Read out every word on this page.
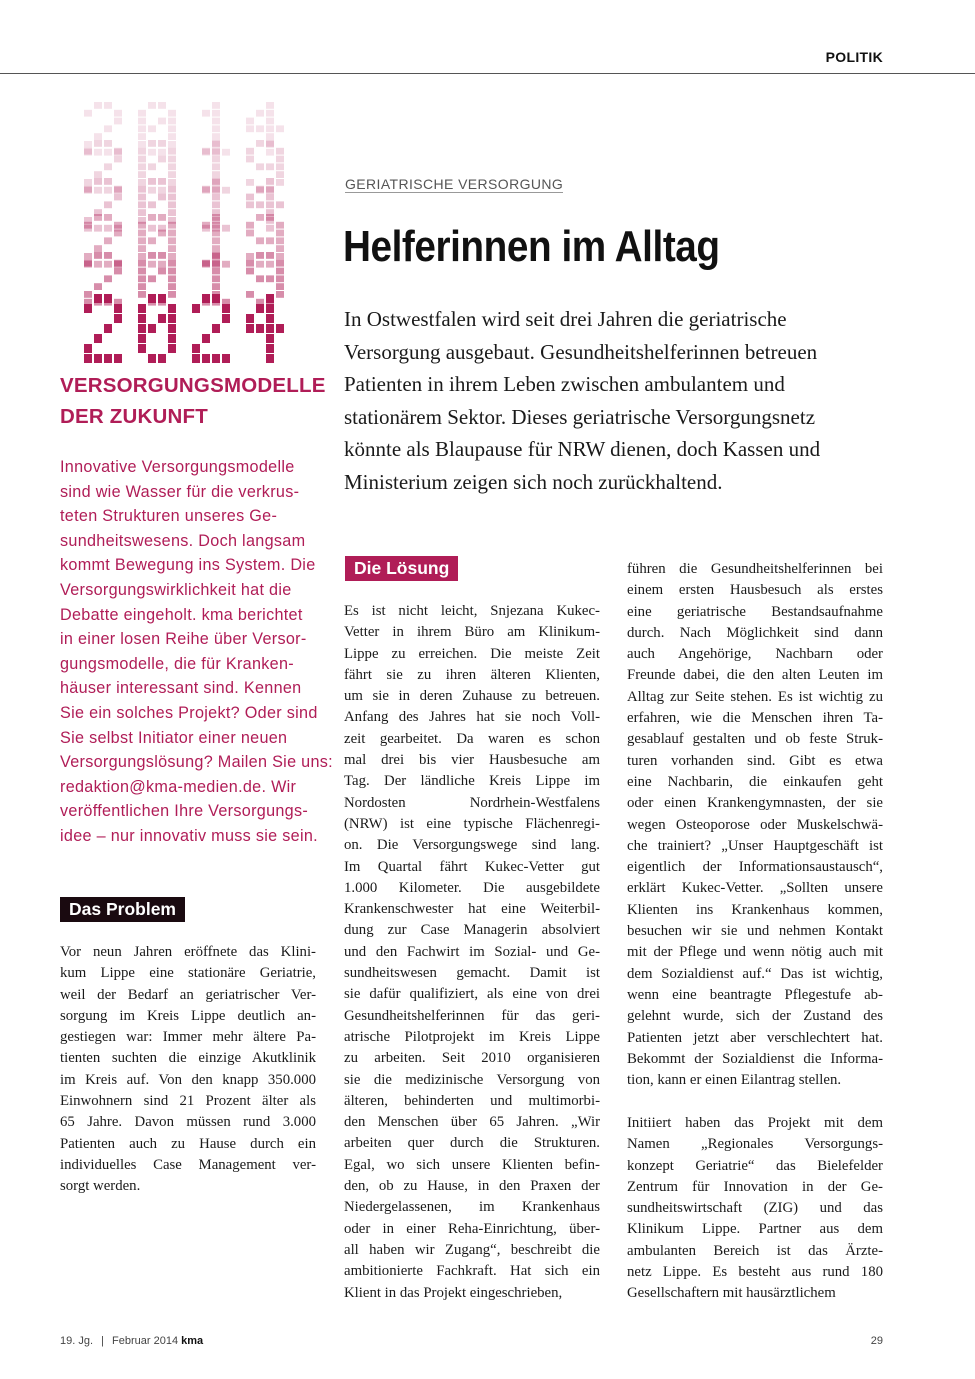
POLITIK
VERSORGUNGSMODELLE
DER ZUKUNFT
Innovative Versorgungsmodelle
sind wie Wasser für die verkrus-
teten Strukturen unseres Ge-
sundheitswesens. Doch langsam
kommt Bewegung ins System. Die
Versorgungswirklichkeit hat die
Debatte eingeholt. kma berichtet
in einer losen Reihe über Versor-
gungsmodelle, die für Kranken-
häuser interessant sind. Kennen
Sie ein solches Projekt? Oder sind
Sie selbst Initiator einer neuen
Versorgungslösung? Mailen Sie uns:
redaktion@kma-medien.de. Wir
veröffentlichen Ihre Versorgungs-
idee – nur innovativ muss sie sein.
Das Problem
Vor neun Jahren eröffnete das Klini-
kum Lippe eine stationäre Geriatrie,
weil der Bedarf an geriatrischer Ver-
sorgung im Kreis Lippe deutlich an-
gestiegen war: Immer mehr ältere Pa-
tienten suchten die einzige Akutklinik
im Kreis auf. Von den knapp 350.000
Einwohnern sind 21 Prozent älter als
65 Jahre. Davon müssen rund 3.000
Patienten auch zu Hause durch ein
individuelles Case Management ver-
sorgt werden.
GERIATRISCHE VERSORGUNG
Helferinnen im Alltag
In Ostwestfalen wird seit drei Jahren die geriatrische
Versorgung ausgebaut. Gesundheitshelferinnen betreuen
Patienten in ihrem Leben zwischen ambulantem und
stationärem Sektor. Dieses geriatrische Versorgungsnetz
könnte als Blaupause für NRW dienen, doch Kassen und
Ministerium zeigen sich noch zurückhaltend.
Die Lösung
Es ist nicht leicht, Snjezana Kukec-
Vetter in ihrem Büro am Klinikum-
Lippe zu erreichen. Die meiste Zeit
fährt sie zu ihren älteren Klienten,
um sie in deren Zuhause zu betreuen.
Anfang des Jahres hat sie noch Voll-
zeit gearbeitet. Da waren es schon
mal drei bis vier Hausbesuche am
Tag. Der ländliche Kreis Lippe im
Nordosten Nordrhein-Westfalens
(NRW) ist eine typische Flächenregi-
on. Die Versorgungswege sind lang.
Im Quartal fährt Kukec-Vetter gut
1.000 Kilometer. Die ausgebildete
Krankenschwester hat eine Weiterbil-
dung zur Case Managerin absolviert
und den Fachwirt im Sozial- und Ge-
sundheitswesen gemacht. Damit ist
sie dafür qualifiziert, als eine von drei
Gesundheitshelferinnen für das geri-
atrische Pilotprojekt im Kreis Lippe
zu arbeiten. Seit 2010 organisieren
sie die medizinische Versorgung von
älteren, behinderten und multimorbi-
den Menschen über 65 Jahren. „Wir
arbeiten quer durch die Strukturen.
Egal, wo sich unsere Klienten befin-
den, ob zu Hause, in den Praxen der
Niedergelassenen, im Krankenhaus
oder in einer Reha-Einrichtung, über-
all haben wir Zugang“, beschreibt die
ambitionierte Fachkraft. Hat sich ein
Klient in das Projekt eingeschrieben,
führen die Gesundheitshelferinnen bei
einem ersten Hausbesuch als erstes
eine geriatrische Bestandsaufnahme
durch. Nach Möglichkeit sind dann
auch Angehörige, Nachbarn oder
Freunde dabei, die den alten Leuten im
Alltag zur Seite stehen. Es ist wichtig zu
erfahren, wie die Menschen ihren Ta-
gesablauf gestalten und ob feste Struk-
turen vorhanden sind. Gibt es etwa
eine Nachbarin, die einkaufen geht
oder einen Krankengymnasten, der sie
wegen Osteoporose oder Muskelschwä-
che trainiert? „Unser Hauptgeschäft ist
eigentlich der Informationsaustausch“,
erklärt Kukec-Vetter. „Sollten unsere
Klienten ins Krankenhaus kommen,
besuchen wir sie und nehmen Kontakt
mit der Pflege und wenn nötig auch mit
dem Sozialdienst auf.“ Das ist wichtig,
wenn eine beantragte Pflegestufe ab-
gelehnt wurde, sich der Zustand des
Patienten jetzt aber verschlechtert hat.
Bekommt der Sozialdienst die Informa-
tion, kann er einen Eilantrag stellen.
Initiiert haben das Projekt mit dem
Namen „Regionales Versorgungs-
konzept Geriatrie“ das Bielefelder
Zentrum für Innovation in der Ge-
sundheitswirtschaft (ZIG) und das
Klinikum Lippe. Partner aus dem
ambulanten Bereich ist das Ärzte-
netz Lippe. Es besteht aus rund 180
Gesellschaftern mit hausärztlichem
19. Jg. | Februar 2014 kma	29
